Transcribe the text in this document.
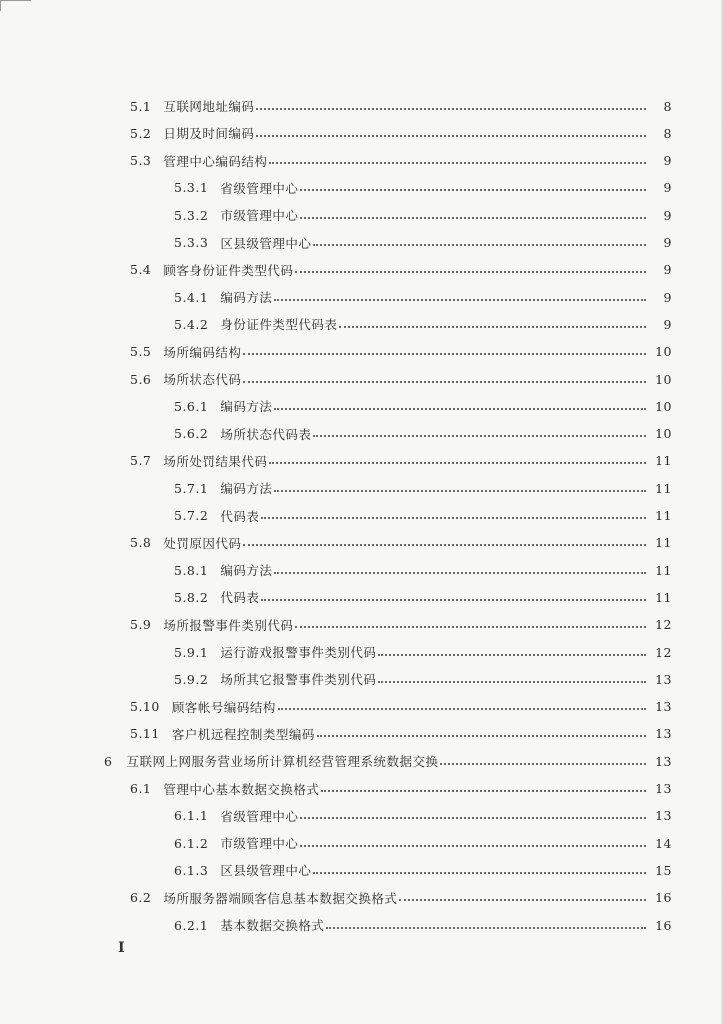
5.1 互联网地址编码	8
5.2 日期及时间编码	8
5.3 管理中心编码结构	9
5.3.1 省级管理中心	9
5.3.2 市级管理中心	9
5.3.3 区县级管理中心	9
5.4 顾客身份证件类型代码	9
5.4.1 编码方法	9
5.4.2 身份证件类型代码表	9
5.5 场所编码结构	10
5.6 场所状态代码	10
5.6.1 编码方法	10
5.6.2 场所状态代码表	10
5.7 场所处罚结果代码	11
5.7.1 编码方法	11
5.7.2 代码表	11
5.8 处罚原因代码	11
5.8.1 编码方法	11
5.8.2 代码表	11
5.9 场所报警事件类别代码	12
5.9.1 运行游戏报警事件类别代码	12
5.9.2 场所其它报警事件类别代码	13
5.10 顾客帐号编码结构	13
5.11 客户机远程控制类型编码	13
6 互联网上网服务营业场所计算机经营管理系统数据交换	13
6.1 管理中心基本数据交换格式	13
6.1.1 省级管理中心	13
6.1.2 市级管理中心	14
6.1.3 区县级管理中心	15
6.2 场所服务器端顾客信息基本数据交换格式	16
6.2.1 基本数据交换格式	16
I
